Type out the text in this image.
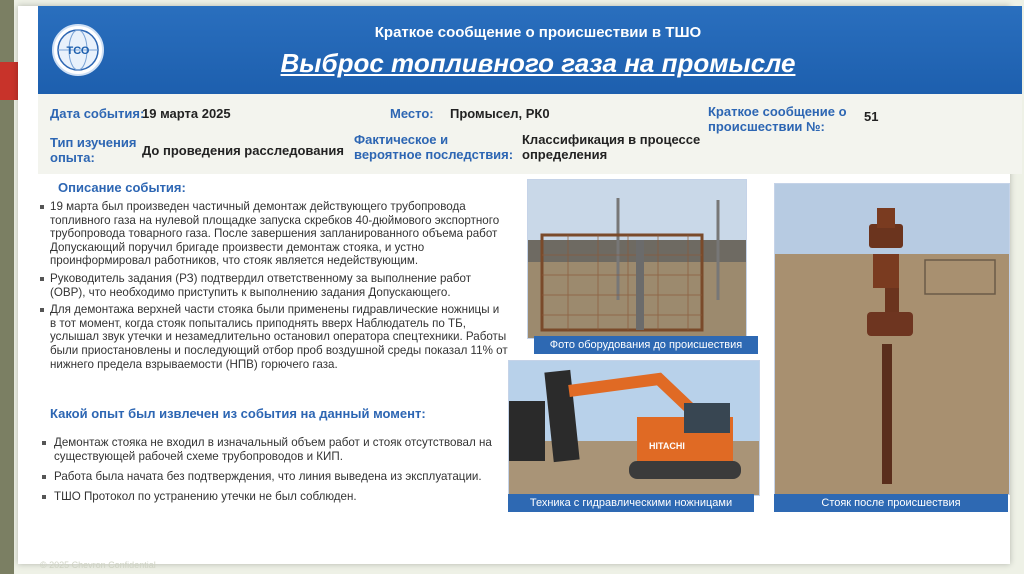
ТСО
Краткое сообщение о происшествии в ТШО
Выброс топливного газа на промысле
Дата события:
19 марта 2025	Место: Промысел, РК0	Краткое сообщение о происшествии №:
51
Тип изучения опыта:	До проведения расследования
Фактическое и вероятное последствия:
Классификация в процессе определения
Описание события:

19 марта был произведен частичный демонтаж действующего трубопровода топливного газа на нулевой площадке запуска скребков 40-дюймового экспортного трубопровода товарного газа. После завершения запланированного объема работ Допускающий поручил бригаде произвести демонтаж стояка, и устно проинформировал работников, что стояк является недействующим.

Руководитель задания (РЗ) подтвердил ответственному за выполнение работ (ОВР), что необходимо приступить к выполнению задания Допускающего.

Для демонтажа верхней части стояка были применены гидравлические ножницы и в тот момент, когда стояк попытались приподнять вверх Наблюдатель по ТБ, услышал звук утечки и незамедлительно остановил оператора спецтехники. Работы были приостановлены и последующий отбор проб воздушной среды показал 11% от нижнего предела взрываемости (НПВ) горючего газа.

Какой опыт был извлечен из события на данный момент:

Демонтаж стояка не входил в изначальный объем работ и стояк отсутствовал на существующей рабочей схеме трубопроводов и КИП.

Работа была начата без подтверждения, что линия выведена из эксплуатации.

ТШО Протокол по устранению утечки не был соблюден.

Фото оборудования до происшествия
HITACHI
Техника с гидравлическими ножницами	Стояк после происшествия
© 2025 Chevron Confidential
